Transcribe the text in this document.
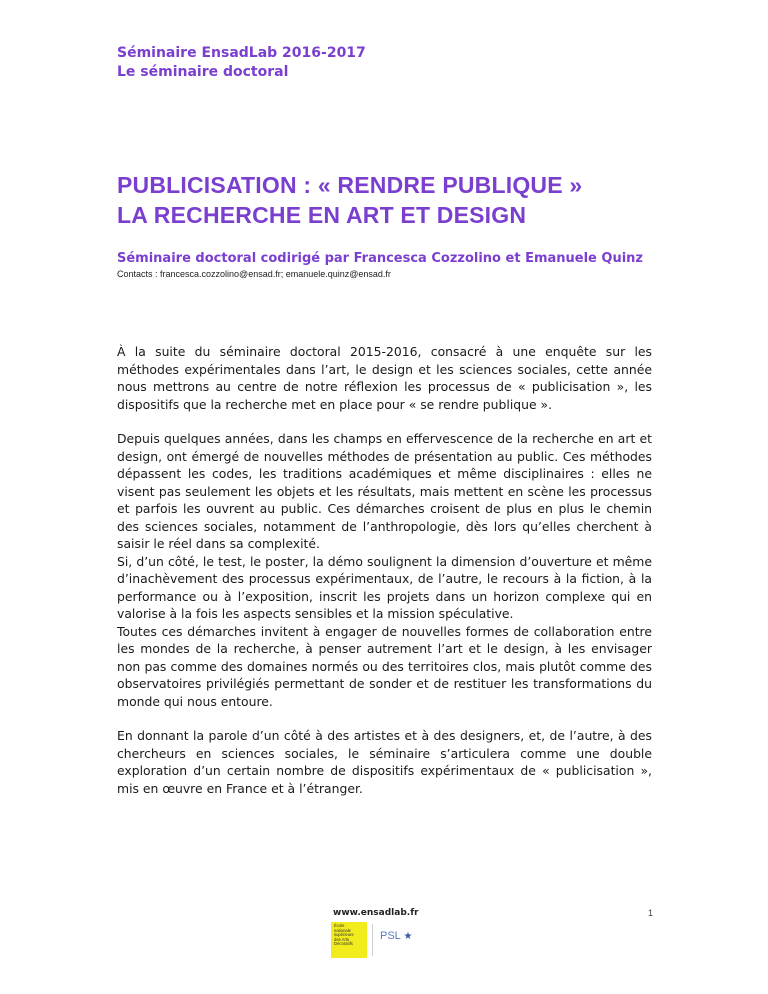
Séminaire EnsadLab 2016-2017
Le séminaire doctoral
PUBLICISATION : « RENDRE PUBLIQUE »
LA RECHERCHE EN ART ET DESIGN
Séminaire doctoral codirigé par Francesca Cozzolino et Emanuele Quinz
Contacts : francesca.cozzolino@ensad.fr; emanuele.quinz@ensad.fr

À la suite du séminaire doctoral 2015-2016, consacré à une enquête sur les méthodes expérimentales dans l’art, le design et les sciences sociales, cette année nous mettrons au centre de notre réflexion les processus de « publicisation », les dispositifs que la recherche met en place pour « se rendre publique ».

Depuis quelques années, dans les champs en effervescence de la recherche en art et design, ont émergé de nouvelles méthodes de présentation au public. Ces méthodes dépassent les codes, les traditions académiques et même disciplinaires : elles ne visent pas seulement les objets et les résultats, mais mettent en scène les processus et parfois les ouvrent au public. Ces démarches croisent de plus en plus le chemin des sciences sociales, notamment de l’anthropologie, dès lors qu’elles cherchent à saisir le réel dans sa complexité.
Si, d’un côté, le test, le poster, la démo soulignent la dimension d’ouverture et même d’inachèvement des processus expérimentaux, de l’autre, le recours à la fiction, à la performance ou à l’exposition, inscrit les projets dans un horizon complexe qui en valorise à la fois les aspects sensibles et la mission spéculative.
Toutes ces démarches invitent à engager de nouvelles formes de collaboration entre les mondes de la recherche, à penser autrement l’art et le design, à les envisager non pas comme des domaines normés ou des territoires clos, mais plutôt comme des observatoires privilégiés permettant de sonder et de restituer les transformations du monde qui nous entoure.

En donnant la parole d’un côté à des artistes et à des designers, et, de l’autre, à des chercheurs en sciences sociales, le séminaire s’articulera comme une double exploration d’un certain nombre de dispositifs expérimentaux de « publicisation », mis en œuvre en France et à l’étranger.

www.ensadlab.fr	1
École
nationale
supérieure
des Arts
Décoratifs
PSL ★
